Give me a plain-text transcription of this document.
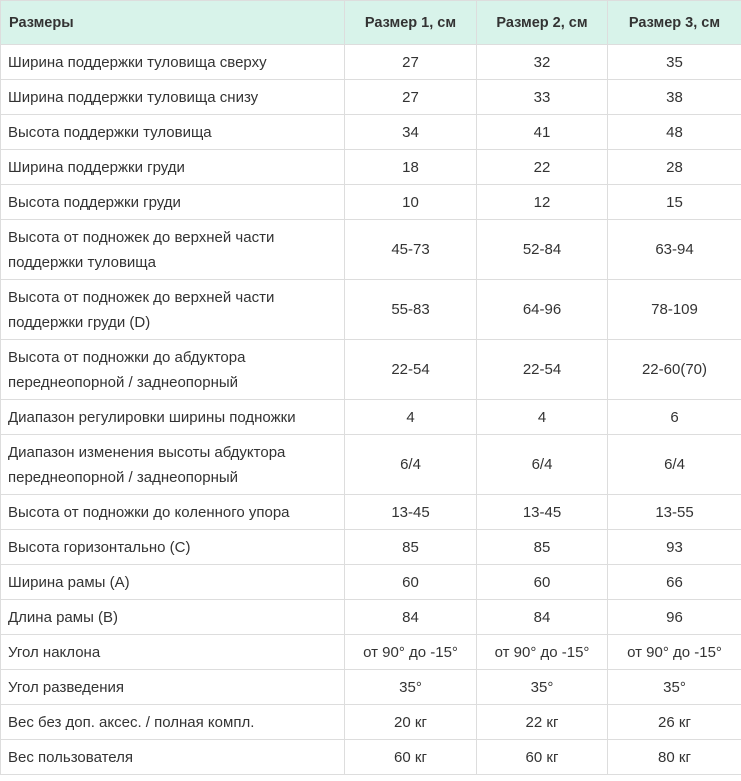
Размеры	Размер 1, см	Размер 2, см	Размер 3, см
Ширина поддержки туловища сверху	27	32	35
Ширина поддержки туловища снизу	27	33	38
Высота поддержки туловища	34	41	48
Ширина поддержки груди	18	22	28
Высота поддержки груди	10	12	15
Высота от подножек до верхней части поддержки туловища	45-73	52-84	63-94
Высота от подножек до верхней части поддержки груди (D)	55-83	64-96	78-109
Высота от подножки до абдуктора переднеопорной / заднеопорный	22-54	22-54	22-60(70)
Диапазон регулировки ширины подножки	4	4	6
Диапазон изменения высоты абдуктора переднеопорной / заднеопорный	6/4	6/4	6/4
Высота от подножки до коленного упора	13-45	13-45	13-55
Высота горизонтально (C)	85	85	93
Ширина рамы (A)	60	60	66
Длина рамы (B)	84	84	96
Угол наклона	от 90° до -15°	от 90° до -15°	от 90° до -15°
Угол разведения	35°	35°	35°
Вес без доп. аксес. / полная компл.	20 кг	22 кг	26 кг
Вес пользователя	60 кг	60 кг	80 кг
